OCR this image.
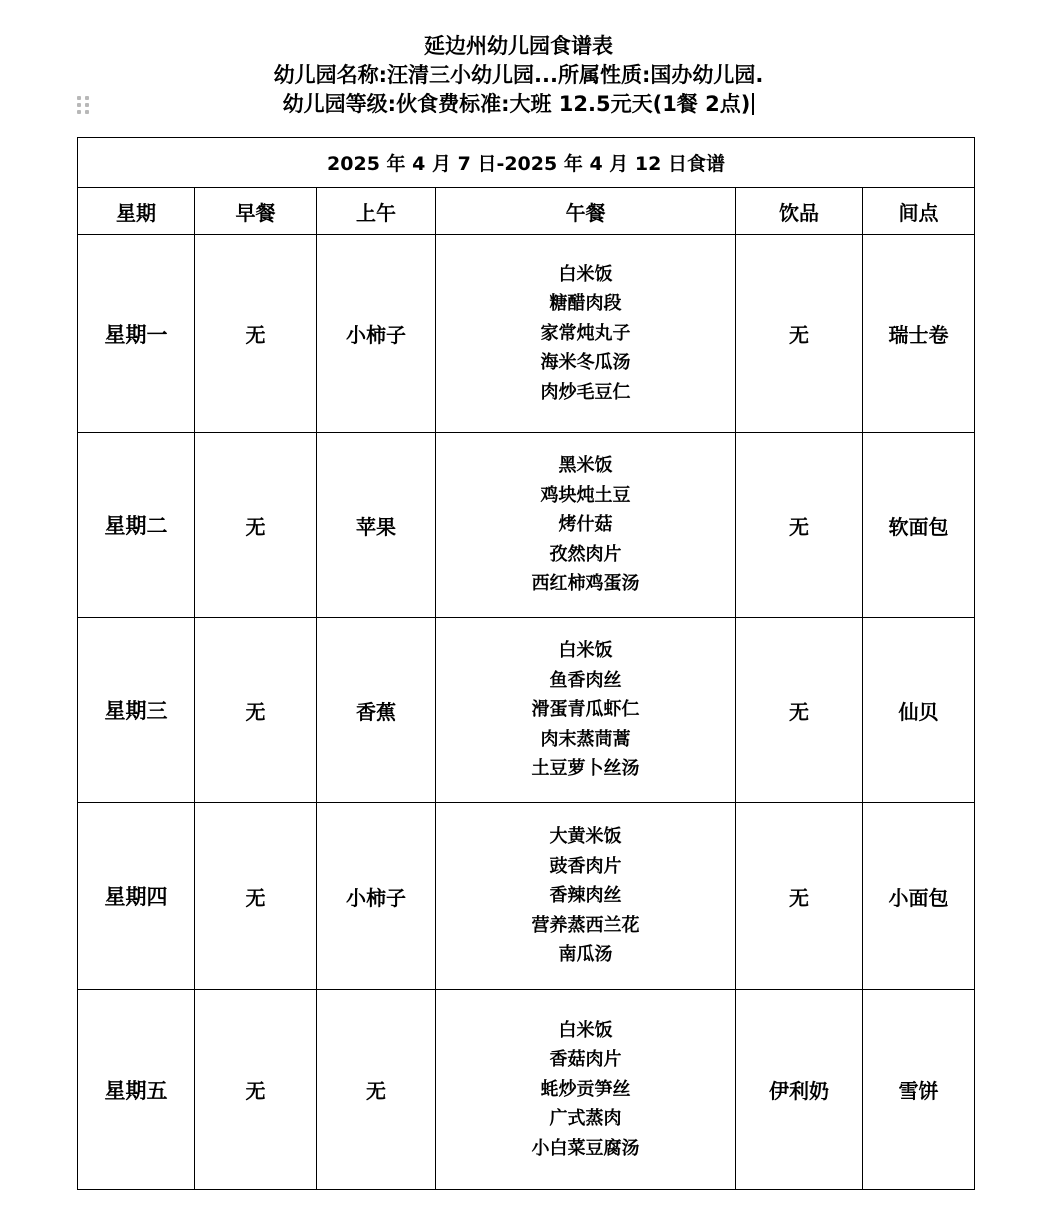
延边州幼儿园食谱表
幼儿园名称:汪清三小幼儿园...所属性质:国办幼儿园.
幼儿园等级:伙食费标准:大班 12.5元天(1餐 2点)
2025 年 4 月 7 日-2025 年 4 月 12 日食谱					
星期	早餐	上午	午餐	饮品	间点
星期一	无	小柿子	白米饭
糖醋肉段
家常炖丸子
海米冬瓜汤
肉炒毛豆仁	无	瑞士卷
星期二	无	苹果	黑米饭
鸡块炖土豆
烤什菇
孜然肉片
西红柿鸡蛋汤	无	软面包
星期三	无	香蕉	白米饭
鱼香肉丝
滑蛋青瓜虾仁
肉末蒸茼蒿
土豆萝卜丝汤	无	仙贝
星期四	无	小柿子	大黄米饭
豉香肉片
香辣肉丝
营养蒸西兰花
南瓜汤	无	小面包
星期五	无	无	白米饭
香菇肉片
蚝炒贡笋丝
广式蒸肉
小白菜豆腐汤	伊利奶	雪饼
